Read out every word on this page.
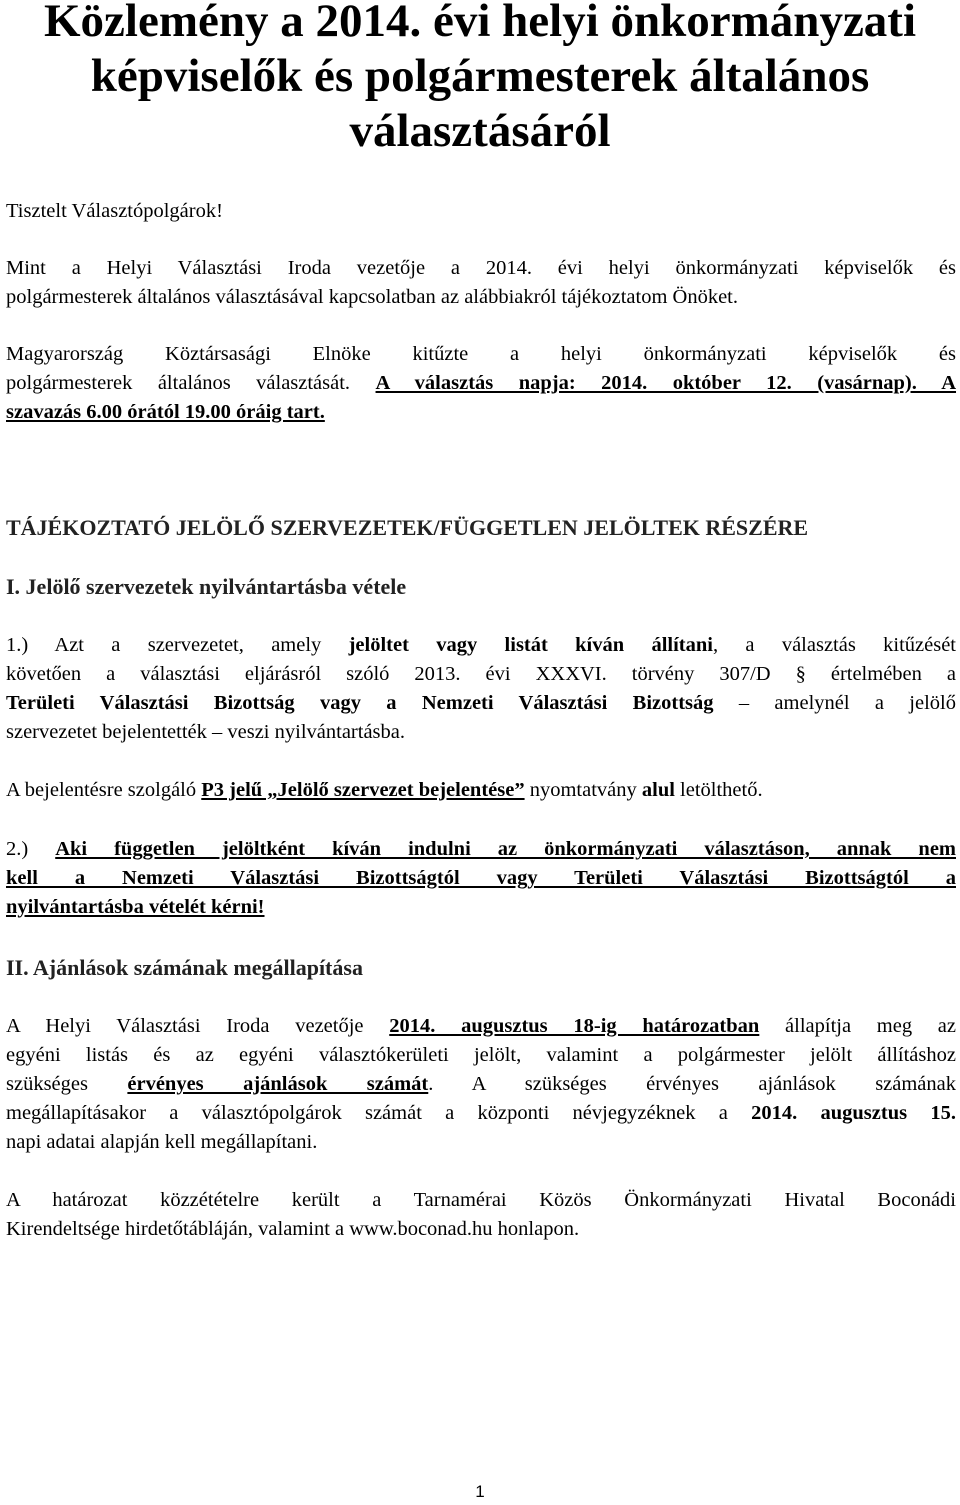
Közlemény a 2014. évi helyi önkormányzati
képviselők és polgármesterek általános
választásáról

Tisztelt Választópolgárok!

Mint a Helyi Választási Iroda vezetője a 2014. évi helyi önkormányzati képviselők és
polgármesterek általános választásával kapcsolatban az alábbiakról tájékoztatom Önöket.

Magyarország Köztársasági Elnöke kitűzte a helyi önkormányzati képviselők és
polgármesterek általános választását. A választás napja: 2014. október 12. (vasárnap). A
szavazás 6.00 órától 19.00 óráig tart.

TÁJÉKOZTATÓ JELÖLŐ SZERVEZETEK/FÜGGETLEN JELÖLTEK RÉSZÉRE

I. Jelölő szervezetek nyilvántartásba vétele

1.) Azt a szervezetet, amely jelöltet vagy listát kíván állítani, a választás kitűzését
követően a választási eljárásról szóló 2013. évi XXXVI. törvény 307/D § értelmében a
Területi Választási Bizottság vagy a Nemzeti Választási Bizottság – amelynél a jelölő
szervezetet bejelentették – veszi nyilvántartásba.

A bejelentésre szolgáló P3 jelű „Jelölő szervezet bejelentése” nyomtatvány alul letölthető.

2.) Aki független jelöltként kíván indulni az önkormányzati választáson, annak nem
kell a Nemzeti Választási Bizottságtól vagy Területi Választási Bizottságtól a
nyilvántartásba vételét kérni!

II. Ajánlások számának megállapítása

A Helyi Választási Iroda vezetője 2014. augusztus 18-ig határozatban állapítja meg az
egyéni listás és az egyéni választókerületi jelölt, valamint a polgármester jelölt állításhoz
szükséges érvényes ajánlások számát. A szükséges érvényes ajánlások számának
megállapításakor a választópolgárok számát a központi névjegyzéknek a 2014. augusztus 15.
napi adatai alapján kell megállapítani.

A határozat közzétételre került a Tarnamérai Közös Önkormányzati Hivatal Boconádi
Kirendeltsége hirdetőtábláján, valamint a www.boconad.hu honlapon.

1
